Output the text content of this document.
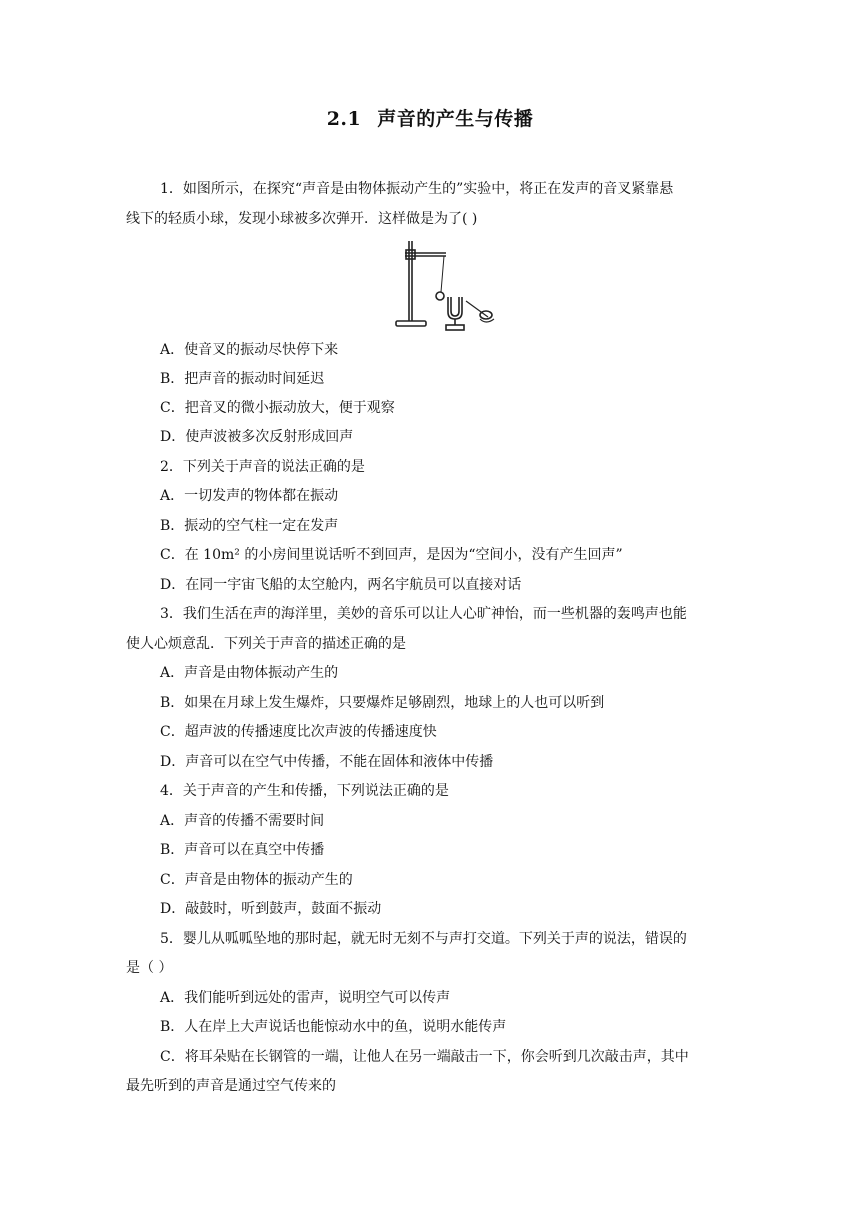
2.1 声音的产生与传播
1．如图所示，在探究“声音是由物体振动产生的”实验中，将正在发声的音叉紧靠悬
线下的轻质小球，发现小球被多次弹开．这样做是为了( )
A．使音叉的振动尽快停下来
B．把声音的振动时间延迟
C．把音叉的微小振动放大，便于观察
D．使声波被多次反射形成回声
2．下列关于声音的说法正确的是
A．一切发声的物体都在振动
B．振动的空气柱一定在发声
C．在 10m² 的小房间里说话听不到回声，是因为“空间小，没有产生回声”
D．在同一宇宙飞船的太空舱内，两名宇航员可以直接对话
3．我们生活在声的海洋里，美妙的音乐可以让人心旷神怡，而一些机器的轰鸣声也能
使人心烦意乱．下列关于声音的描述正确的是
A．声音是由物体振动产生的
B．如果在月球上发生爆炸，只要爆炸足够剧烈，地球上的人也可以听到
C．超声波的传播速度比次声波的传播速度快
D．声音可以在空气中传播，不能在固体和液体中传播
4．关于声音的产生和传播，下列说法正确的是
A．声音的传播不需要时间
B．声音可以在真空中传播
C．声音是由物体的振动产生的
D．敲鼓时，听到鼓声，鼓面不振动
5．婴儿从呱呱坠地的那时起，就无时无刻不与声打交道。下列关于声的说法，错误的
是（ ）
A．我们能听到远处的雷声，说明空气可以传声
B．人在岸上大声说话也能惊动水中的鱼，说明水能传声
C．将耳朵贴在长钢管的一端，让他人在另一端敲击一下，你会听到几次敲击声，其中
最先听到的声音是通过空气传来的
